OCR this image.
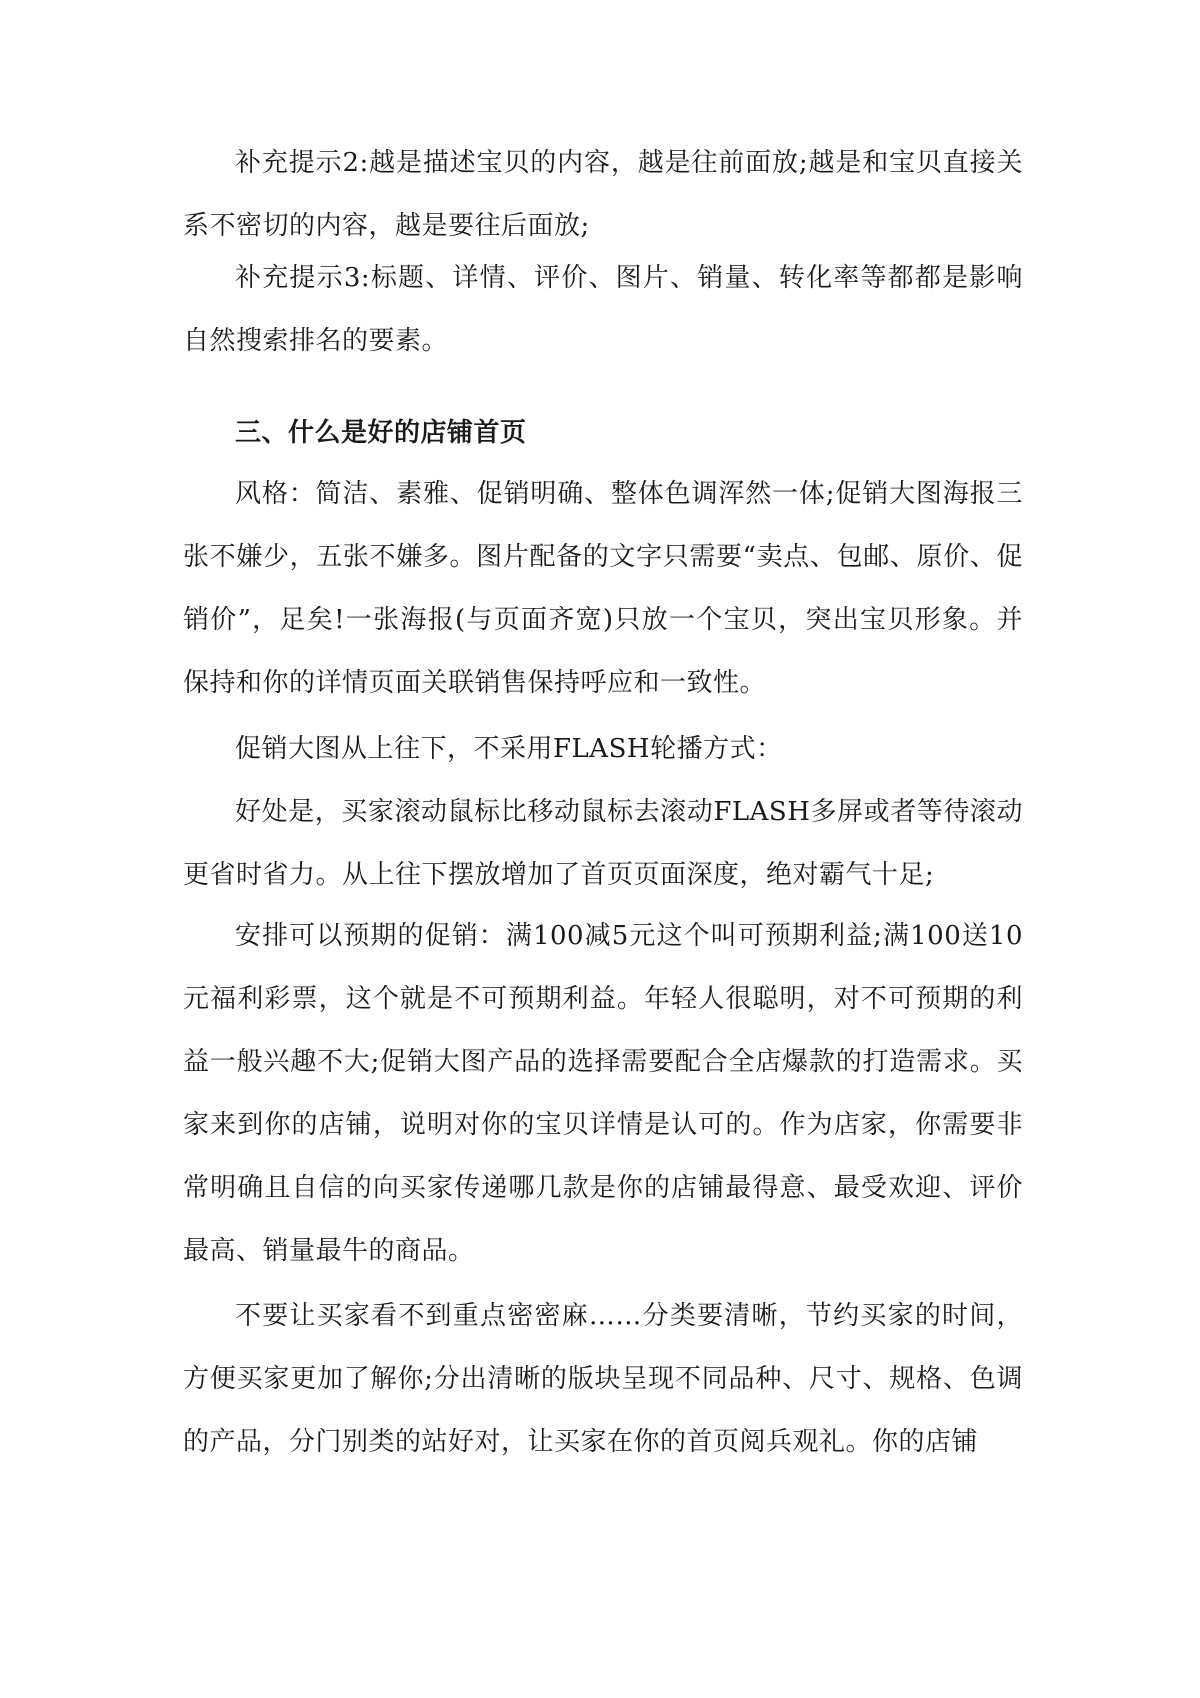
补充提示2:越是描述宝贝的内容，越是往前面放;越是和宝贝直接关系不密切的内容，越是要往后面放;

补充提示3:标题、详情、评价、图片、销量、转化率等都都是影响自然搜索排名的要素。

三、什么是好的店铺首页

风格：简洁、素雅、促销明确、整体色调浑然一体;促销大图海报三张不嫌少，五张不嫌多。图片配备的文字只需要“卖点、包邮、原价、促销价”，足矣!一张海报(与页面齐宽)只放一个宝贝，突出宝贝形象。并保持和你的详情页面关联销售保持呼应和一致性。

促销大图从上往下，不采用FLASH轮播方式：

好处是，买家滚动鼠标比移动鼠标去滚动FLASH多屏或者等待滚动更省时省力。从上往下摆放增加了首页页面深度，绝对霸气十足;

安排可以预期的促销：满100减5元这个叫可预期利益;满100送10元福利彩票，这个就是不可预期利益。年轻人很聪明，对不可预期的利益一般兴趣不大;促销大图产品的选择需要配合全店爆款的打造需求。买家来到你的店铺，说明对你的宝贝详情是认可的。作为店家，你需要非常明确且自信的向买家传递哪几款是你的店铺最得意、最受欢迎、评价最高、销量最牛的商品。

不要让买家看不到重点密密麻……分类要清晰，节约买家的时间，方便买家更加了解你;分出清晰的版块呈现不同品种、尺寸、规格、色调的产品，分门别类的站好对，让买家在你的首页阅兵观礼。你的店铺
